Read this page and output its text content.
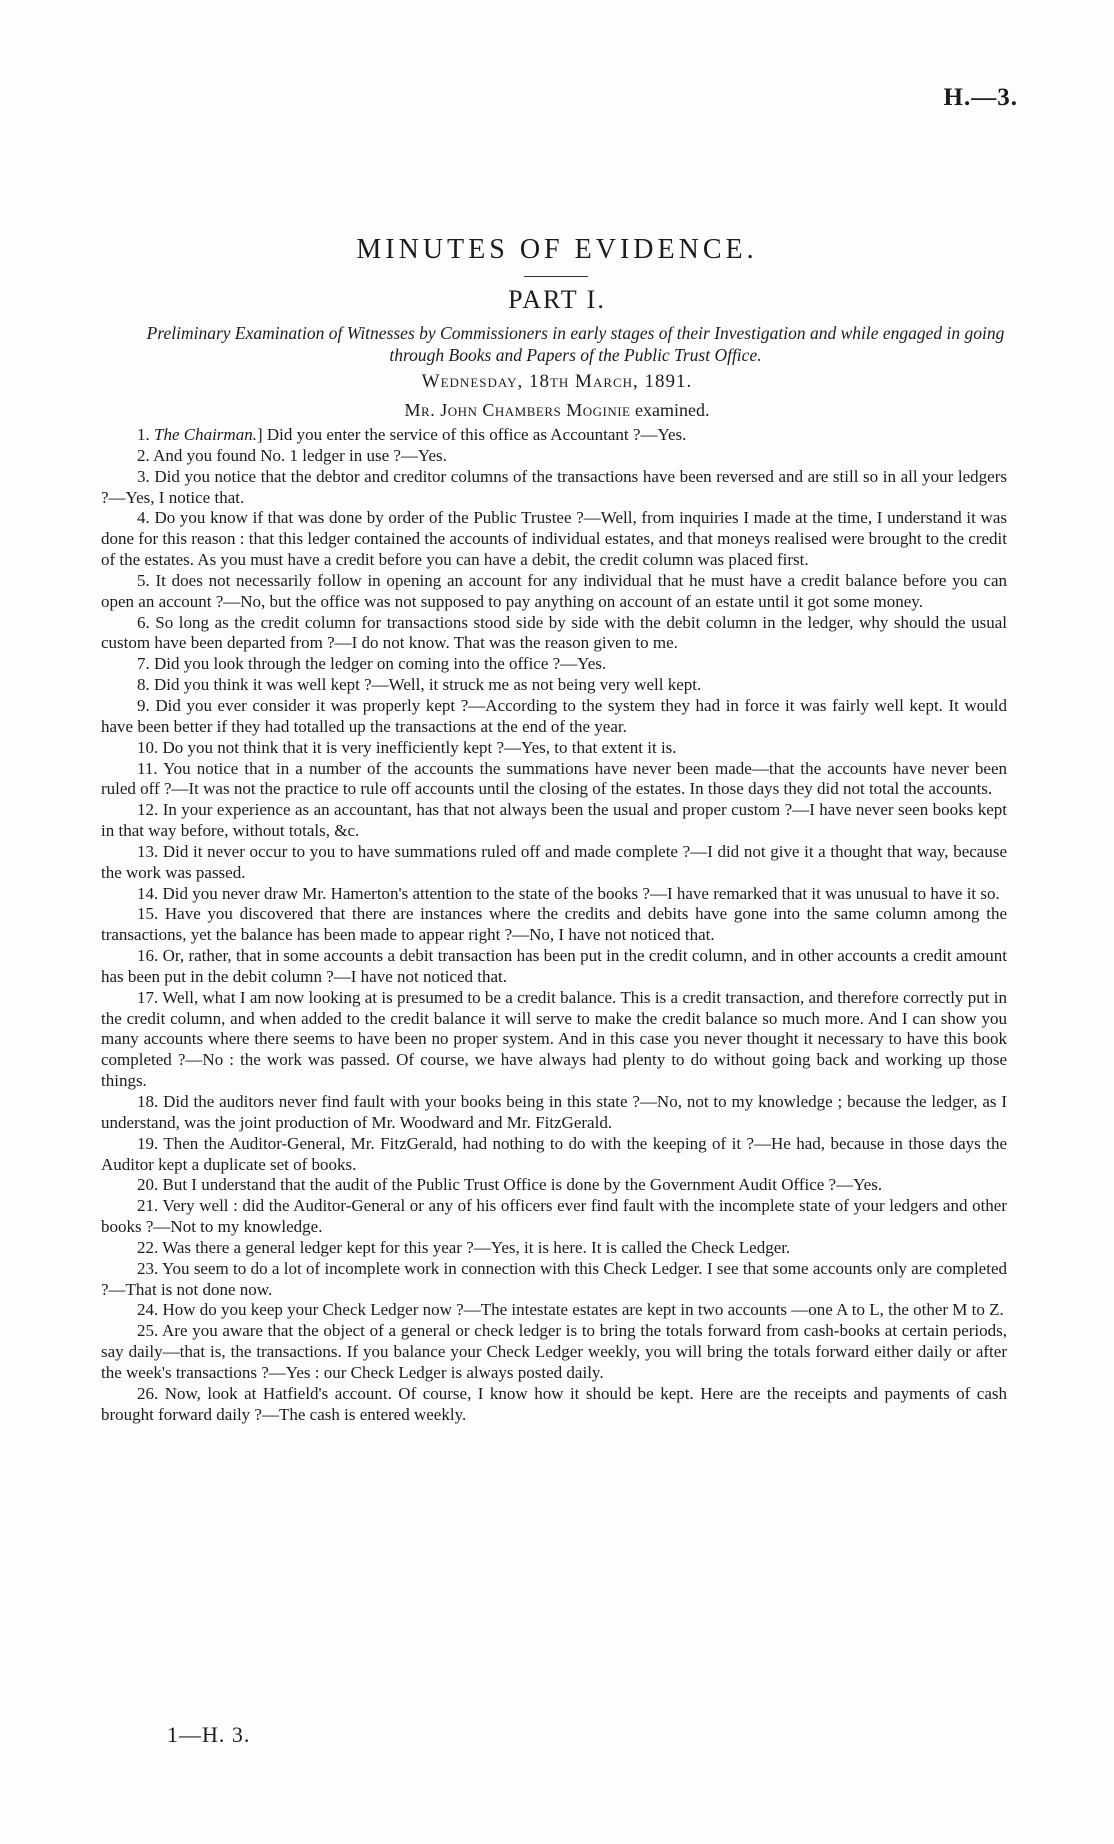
H.—3.
MINUTES OF EVIDENCE.
PART I.
Preliminary Examination of Witnesses by Commissioners in early stages of their Investigation and while engaged in going through Books and Papers of the Public Trust Office.
Wednesday, 18th March, 1891.
Mr. John Chambers Moginie examined.

1. The Chairman.] Did you enter the service of this office as Accountant ?—Yes.

2. And you found No. 1 ledger in use ?—Yes.

3. Did you notice that the debtor and creditor columns of the transactions have been reversed and are still so in all your ledgers ?—Yes, I notice that.

4. Do you know if that was done by order of the Public Trustee ?—Well, from inquiries I made at the time, I understand it was done for this reason : that this ledger contained the accounts of individual estates, and that moneys realised were brought to the credit of the estates. As you must have a credit before you can have a debit, the credit column was placed first.

5. It does not necessarily follow in opening an account for any individual that he must have a credit balance before you can open an account ?—No, but the office was not supposed to pay anything on account of an estate until it got some money.

6. So long as the credit column for transactions stood side by side with the debit column in the ledger, why should the usual custom have been departed from ?—I do not know. That was the reason given to me.

7. Did you look through the ledger on coming into the office ?—Yes.

8. Did you think it was well kept ?—Well, it struck me as not being very well kept.

9. Did you ever consider it was properly kept ?—According to the system they had in force it was fairly well kept. It would have been better if they had totalled up the transactions at the end of the year.

10. Do you not think that it is very inefficiently kept ?—Yes, to that extent it is.

11. You notice that in a number of the accounts the summations have never been made—that the accounts have never been ruled off ?—It was not the practice to rule off accounts until the closing of the estates. In those days they did not total the accounts.

12. In your experience as an accountant, has that not always been the usual and proper custom ?—I have never seen books kept in that way before, without totals, &c.

13. Did it never occur to you to have summations ruled off and made complete ?—I did not give it a thought that way, because the work was passed.

14. Did you never draw Mr. Hamerton's attention to the state of the books ?—I have remarked that it was unusual to have it so.

15. Have you discovered that there are instances where the credits and debits have gone into the same column among the transactions, yet the balance has been made to appear right ?—No, I have not noticed that.

16. Or, rather, that in some accounts a debit transaction has been put in the credit column, and in other accounts a credit amount has been put in the debit column ?—I have not noticed that.

17. Well, what I am now looking at is presumed to be a credit balance. This is a credit transaction, and therefore correctly put in the credit column, and when added to the credit balance it will serve to make the credit balance so much more. And I can show you many accounts where there seems to have been no proper system. And in this case you never thought it necessary to have this book completed ?—No : the work was passed. Of course, we have always had plenty to do without going back and working up those things.

18. Did the auditors never find fault with your books being in this state ?—No, not to my knowledge ; because the ledger, as I understand, was the joint production of Mr. Woodward and Mr. FitzGerald.

19. Then the Auditor-General, Mr. FitzGerald, had nothing to do with the keeping of it ?—He had, because in those days the Auditor kept a duplicate set of books.

20. But I understand that the audit of the Public Trust Office is done by the Government Audit Office ?—Yes.

21. Very well : did the Auditor-General or any of his officers ever find fault with the incomplete state of your ledgers and other books ?—Not to my knowledge.

22. Was there a general ledger kept for this year ?—Yes, it is here. It is called the Check Ledger.

23. You seem to do a lot of incomplete work in connection with this Check Ledger. I see that some accounts only are completed ?—That is not done now.

24. How do you keep your Check Ledger now ?—The intestate estates are kept in two accounts —one A to L, the other M to Z.

25. Are you aware that the object of a general or check ledger is to bring the totals forward from cash-books at certain periods, say daily—that is, the transactions. If you balance your Check Ledger weekly, you will bring the totals forward either daily or after the week's transactions ?—Yes : our Check Ledger is always posted daily.

26. Now, look at Hatfield's account. Of course, I know how it should be kept. Here are the receipts and payments of cash brought forward daily ?—The cash is entered weekly.

1—H. 3.
